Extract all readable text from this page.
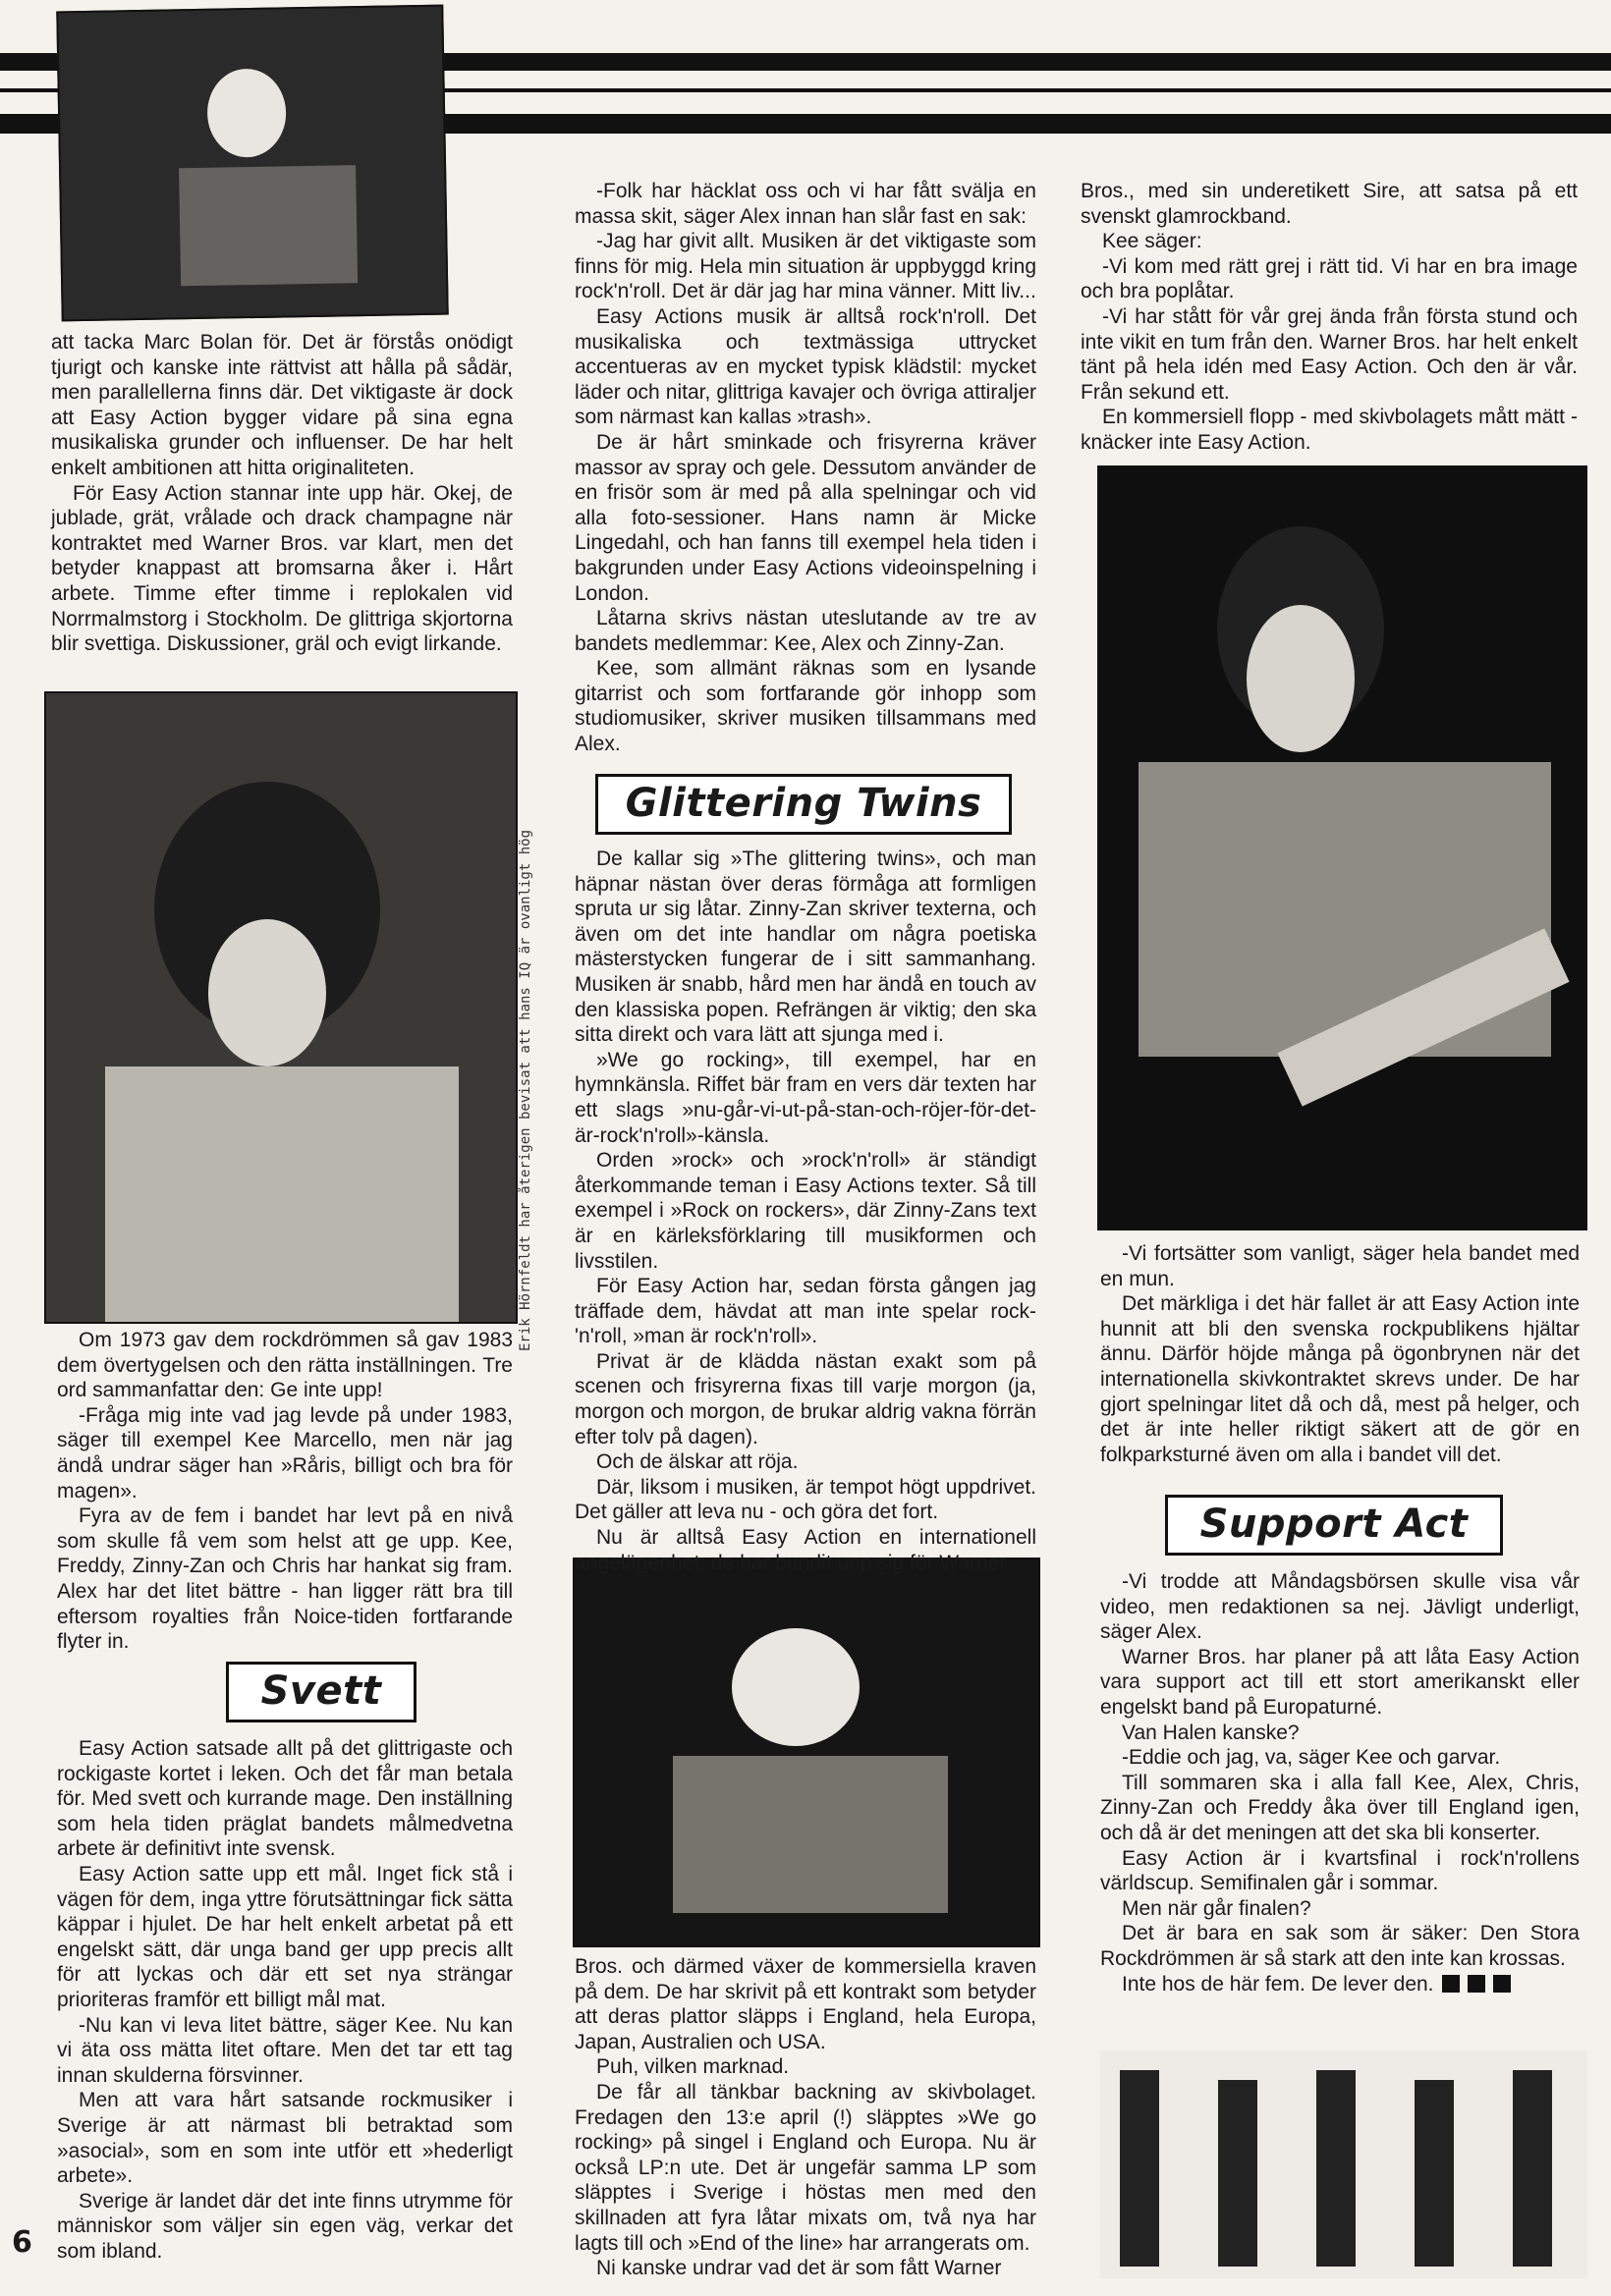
Erik Hörnfeldt har återigen bevisat att hans IQ är ovanligt hög

att tacka Marc Bolan för. Det är förstås onödigt tjurigt och kanske inte rättvist att hålla på sådär, men parallellerna finns där. Det viktigaste är dock att Easy Action bygger vidare på sina egna musikaliska grunder och influenser. De har helt enkelt ambitionen att hitta originaliteten.

För Easy Action stannar inte upp här. Okej, de jublade, grät, vrålade och drack champagne när kontraktet med Warner Bros. var klart, men det betyder knappast att bromsarna åker i. Hårt arbete. Timme efter timme i replokalen vid Norrmalmstorg i Stockholm. De glittriga skjortorna blir svettiga. Diskussioner, gräl och evigt lirkande.

Om 1973 gav dem rockdrömmen så gav 1983 dem övertygelsen och den rätta inställningen. Tre ord sammanfattar den: Ge inte upp!

-Fråga mig inte vad jag levde på under 1983, säger till exempel Kee Marcello, men när jag ändå undrar säger han »Råris, billigt och bra för magen».

Fyra av de fem i bandet har levt på en nivå som skulle få vem som helst att ge upp. Kee, Freddy, Zinny-Zan och Chris har hankat sig fram. Alex har det litet bättre - han ligger rätt bra till eftersom royalties från Noice-tiden fortfarande flyter in.

Svett

Easy Action satsade allt på det glittrigaste och rockigaste kortet i leken. Och det får man betala för. Med svett och kurrande mage. Den inställning som hela tiden präglat bandets målmedvetna arbete är definitivt inte svensk.

Easy Action satte upp ett mål. Inget fick stå i vägen för dem, inga yttre förutsättningar fick sätta käppar i hjulet. De har helt enkelt arbetat på ett engelskt sätt, där unga band ger upp precis allt för att lyckas och där ett set nya strängar prioriteras framför ett billigt mål mat.

-Nu kan vi leva litet bättre, säger Kee. Nu kan vi äta oss mätta litet oftare. Men det tar ett tag innan skulderna försvinner.

Men att vara hårt satsande rockmusiker i Sverige är att närmast bli betraktad som »asocial», som en som inte utför ett »hederligt arbete».

Sverige är landet där det inte finns utrymme för människor som väljer sin egen väg, verkar det som ibland.

-Folk har häcklat oss och vi har fått svälja en massa skit, säger Alex innan han slår fast en sak:

-Jag har givit allt. Musiken är det viktigaste som finns för mig. Hela min situation är uppbyggd kring rock'n'roll. Det är där jag har mina vänner. Mitt liv...

Easy Actions musik är alltså rock'n'roll. Det musikaliska och textmässiga uttrycket accentueras av en mycket typisk klädstil: mycket läder och nitar, glittriga kavajer och övriga attiraljer som närmast kan kallas »trash».

De är hårt sminkade och frisyrerna kräver massor av spray och gele. Dessutom använder de en frisör som är med på alla spelningar och vid alla foto-sessioner. Hans namn är Micke Lingedahl, och han fanns till exempel hela tiden i bakgrunden under Easy Actions videoinspelning i London.

Låtarna skrivs nästan uteslutande av tre av bandets medlemmar: Kee, Alex och Zinny-Zan.

Kee, som allmänt räknas som en lysande gitarrist och som fortfarande gör inhopp som studiomusiker, skriver musiken tillsammans med Alex.

Glittering Twins

De kallar sig »The glittering twins», och man häpnar nästan över deras förmåga att formligen spruta ur sig låtar. Zinny-Zan skriver texterna, och även om det inte handlar om några poetiska mästerstycken fungerar de i sitt sammanhang. Musiken är snabb, hård men har ändå en touch av den klassiska popen. Refrängen är viktig; den ska sitta direkt och vara lätt att sjunga med i.

»We go rocking», till exempel, har en hymnkänsla. Riffet bär fram en vers där texten har ett slags »nu-går-vi-ut-på-stan-och-röjer-för-det-är-rock'n'roll»-känsla.

Orden »rock» och »rock'n'roll» är ständigt återkommande teman i Easy Actions texter. Så till exempel i »Rock on rockers», där Zinny-Zans text är en kärleksförklaring till musikformen och livsstilen.

För Easy Action har, sedan första gången jag träffade dem, hävdat att man inte spelar rock-'n'roll, »man är rock'n'roll».

Privat är de klädda nästan exakt som på scenen och frisyrerna fixas till varje morgon (ja, morgon och morgon, de brukar aldrig vakna förrän efter tolv på dagen).

Och de älskar att röja.

Där, liksom i musiken, är tempot högt uppdrivet. Det gäller att leva nu - och göra det fort.

Nu är alltså Easy Action en internationell angelägenhet; de har bundit upp sig för Warner

Bros. och därmed växer de kommersiella kraven på dem. De har skrivit på ett kontrakt som betyder att deras plattor släpps i England, hela Europa, Japan, Australien och USA.

Puh, vilken marknad.

De får all tänkbar backning av skivbolaget. Fredagen den 13:e april (!) släpptes »We go rocking» på singel i England och Europa. Nu är också LP:n ute. Det är ungefär samma LP som släpptes i Sverige i höstas men med den skillnaden att fyra låtar mixats om, två nya har lagts till och »End of the line» har arrangerats om.

Ni kanske undrar vad det är som fått Warner

Bros., med sin underetikett Sire, att satsa på ett svenskt glamrockband.

Kee säger:

-Vi kom med rätt grej i rätt tid. Vi har en bra image och bra poplåtar.

-Vi har stått för vår grej ända från första stund och inte vikit en tum från den. Warner Bros. har helt enkelt tänt på hela idén med Easy Action. Och den är vår. Från sekund ett.

En kommersiell flopp - med skivbolagets mått mätt - knäcker inte Easy Action.

-Vi fortsätter som vanligt, säger hela bandet med en mun.

Det märkliga i det här fallet är att Easy Action inte hunnit att bli den svenska rockpublikens hjältar ännu. Därför höjde många på ögonbrynen när det internationella skivkontraktet skrevs under. De har gjort spelningar litet då och då, mest på helger, och det är inte heller riktigt säkert att de gör en folkparksturné även om alla i bandet vill det.

Support Act

-Vi trodde att Måndagsbörsen skulle visa vår video, men redaktionen sa nej. Jävligt underligt, säger Alex.

Warner Bros. har planer på att låta Easy Action vara support act till ett stort amerikanskt eller engelskt band på Europaturné.

Van Halen kanske?

-Eddie och jag, va, säger Kee och garvar.

Till sommaren ska i alla fall Kee, Alex, Chris, Zinny-Zan och Freddy åka över till England igen, och då är det meningen att det ska bli konserter.

Easy Action är i kvartsfinal i rock'n'rollens världscup. Semifinalen går i sommar.

Men när går finalen?

Det är bara en sak som är säker: Den Stora Rockdrömmen är så stark att den inte kan krossas.

Inte hos de här fem. De lever den.

6
